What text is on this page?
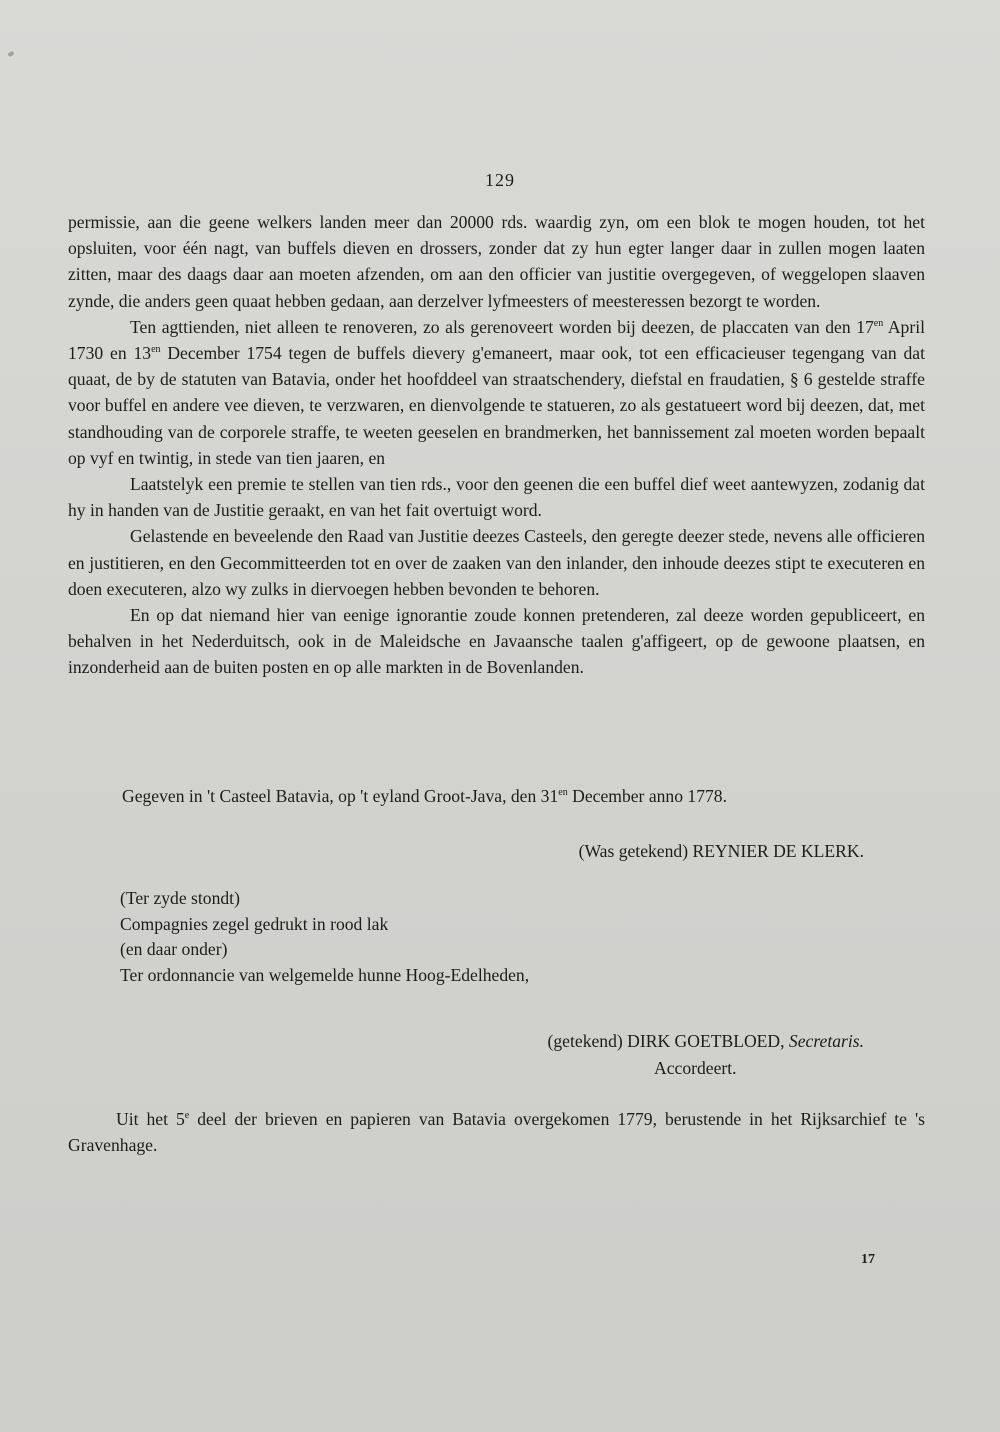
129

permissie, aan die geene welkers landen meer dan 20000 rds. waardig zyn, om een blok te mogen houden, tot het opsluiten, voor één nagt, van buffels dieven en drossers, zonder dat zy hun egter langer daar in zullen mogen laaten zitten, maar des daags daar aan moeten afzenden, om aan den officier van justitie overgegeven, of weggelopen slaaven zynde, die anders geen quaat hebben gedaan, aan derzelver lyfmeesters of meesteressen bezorgt te worden.

Ten agttienden, niet alleen te renoveren, zo als gerenoveert worden bij deezen, de placcaten van den $17^{en}$ April 1730 en $13^{en}$ December 1754 tegen de buffels dievery g'emaneert, maar ook, tot een efficacieuser tegengang van dat quaat, de by de statuten van Batavia, onder het hoofddeel van straatschendery, diefstal en fraudatien, § 6 gestelde straffe voor buffel en andere vee dieven, te verzwaren, en dienvolgende te statueren, zo als gestatueert word bij deezen, dat, met standhouding van de corporele straffe, te weeten geeselen en brandmerken, het bannissement zal moeten worden bepaalt op vyf en twintig, in stede van tien jaaren, en

Laatstelyk een premie te stellen van tien rds., voor den geenen die een buffel dief weet aantewyzen, zodanig dat hy in handen van de Justitie geraakt, en van het fait overtuigt word.

Gelastende en beveelende den Raad van Justitie deezes Casteels, den geregte deezer stede, nevens alle officieren en justitieren, en den Gecommitteerden tot en over de zaaken van den inlander, den inhoude deezes stipt te executeren en doen executeren, alzo wy zulks in diervoegen hebben bevonden te behoren.

En op dat niemand hier van eenige ignorantie zoude konnen pretenderen, zal deeze worden gepubliceert, en behalven in het Nederduitsch, ook in de Maleidsche en Javaansche taalen g'affigeert, op de gewoone plaatsen, en inzonderheid aan de buiten posten en op alle markten in de Bovenlanden.

Gegeven in 't Casteel Batavia, op 't eyland Groot-Java, den $31^{en}$ December anno 1778.
(Was getekend) REYNIER DE KLERK.
(Ter zyde stondt)
Compagnies zegel gedrukt in rood lak
(en daar onder)
Ter ordonnancie van welgemelde hunne Hoog-Edelheden,
(getekend) DIRK GOETBLOED, Secretaris.
Accordeert.

Uit het 5e deel der brieven en papieren van Batavia overgekomen 1779, berustende in het Rijksarchief te 's Gravenhage.

17
